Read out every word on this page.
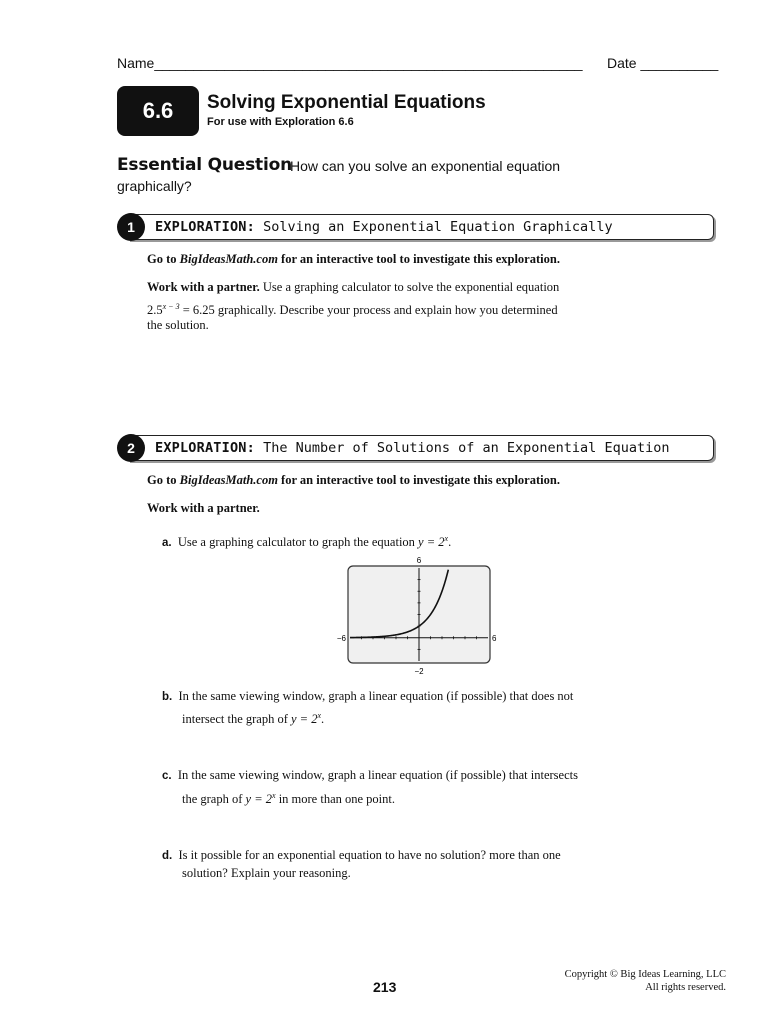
Name_______________________________________________________ Date __________
6.6	Solving Exponential Equations
For use with Exploration 6.6
Essential Question
How can you solve an exponential equation
graphically?
1	EXPLORATION: Solving an Exponential Equation Graphically
Go to BigIdeasMath.com for an interactive tool to investigate this exploration.
Work with a partner. Use a graphing calculator to solve the exponential equation
$2.5^{x - 3} = 6.25$ graphically. Describe your process and explain how you determined
the solution.
2	EXPLORATION: The Number of Solutions of an Exponential Equation
Go to BigIdeasMath.com for an interactive tool to investigate this exploration.
Work with a partner.
a. Use a graphing calculator to graph the equation $y = 2^x$.
6
−2
−6	6
b. In the same viewing window, graph a linear equation (if possible) that does not
intersect the graph of $y = 2^x$.
c. In the same viewing window, graph a linear equation (if possible) that intersects
the graph of $y = 2^x$ in more than one point.
d. Is it possible for an exponential equation to have no solution? more than one
solution? Explain your reasoning.
213
Copyright © Big Ideas Learning, LLC
All rights reserved.
